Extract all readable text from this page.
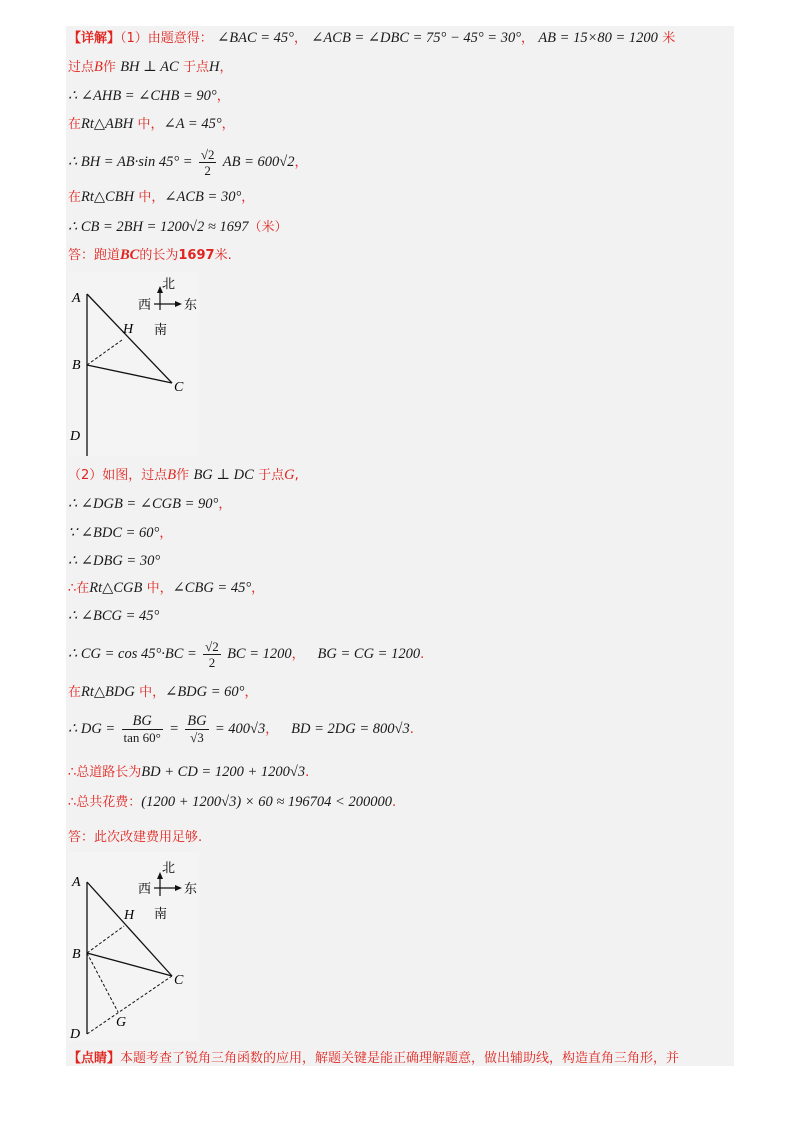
【详解】（1）由题意得： ∠BAC = 45°， ∠ACB = ∠DBC = 75° − 45° = 30°， AB = 15×80 = 1200 米
过点B作 BH ⊥ AC 于点H，
∴ ∠AHB = ∠CHB = 90°，
在Rt△ABH 中，∠A = 45°，
∴ BH = AB·sin $45^\circ = \frac{√2}{2}$ AB = 600√2，
在Rt△CBH 中，∠ACB = 30°，
∴ CB = 2BH = 1200√2 ≈ 1697（米）
答：跑道BC的长为1697米.
A
H
B
C
D
北
南
西	东
（2）如图，过点B作 BG ⊥ DC 于点G,
∴ ∠DGB = ∠CGB = 90°，
∵ ∠BDC = 60°，
∴ ∠DBG = 30°
∴在Rt△CGB 中，∠CBG = 45°，
∴ ∠BCG = 45°
∴ CG = $\cos 45^\circ\cdot BC = \frac{√2}{2}$ BC = 1200， BG = CG = 1200.
在Rt△BDG 中，∠BDG = 60°，
∴ DG = $\frac{BG}{\tan 60^\circ} = \frac{BG}{√3} = 400√3$， BD = 2DG = 800√3.
∴总道路长为BD + CD = 1200 + 1200√3.
∴总共花费：(1200 + 1200√3) × 60 ≈ 196704 < 200000.
答：此次改建费用足够.
A
H
B
C
D
G
北
南
西	东
【点睛】本题考查了锐角三角函数的应用，解题关键是能正确理解题意，做出辅助线，构造直角三角形，并
